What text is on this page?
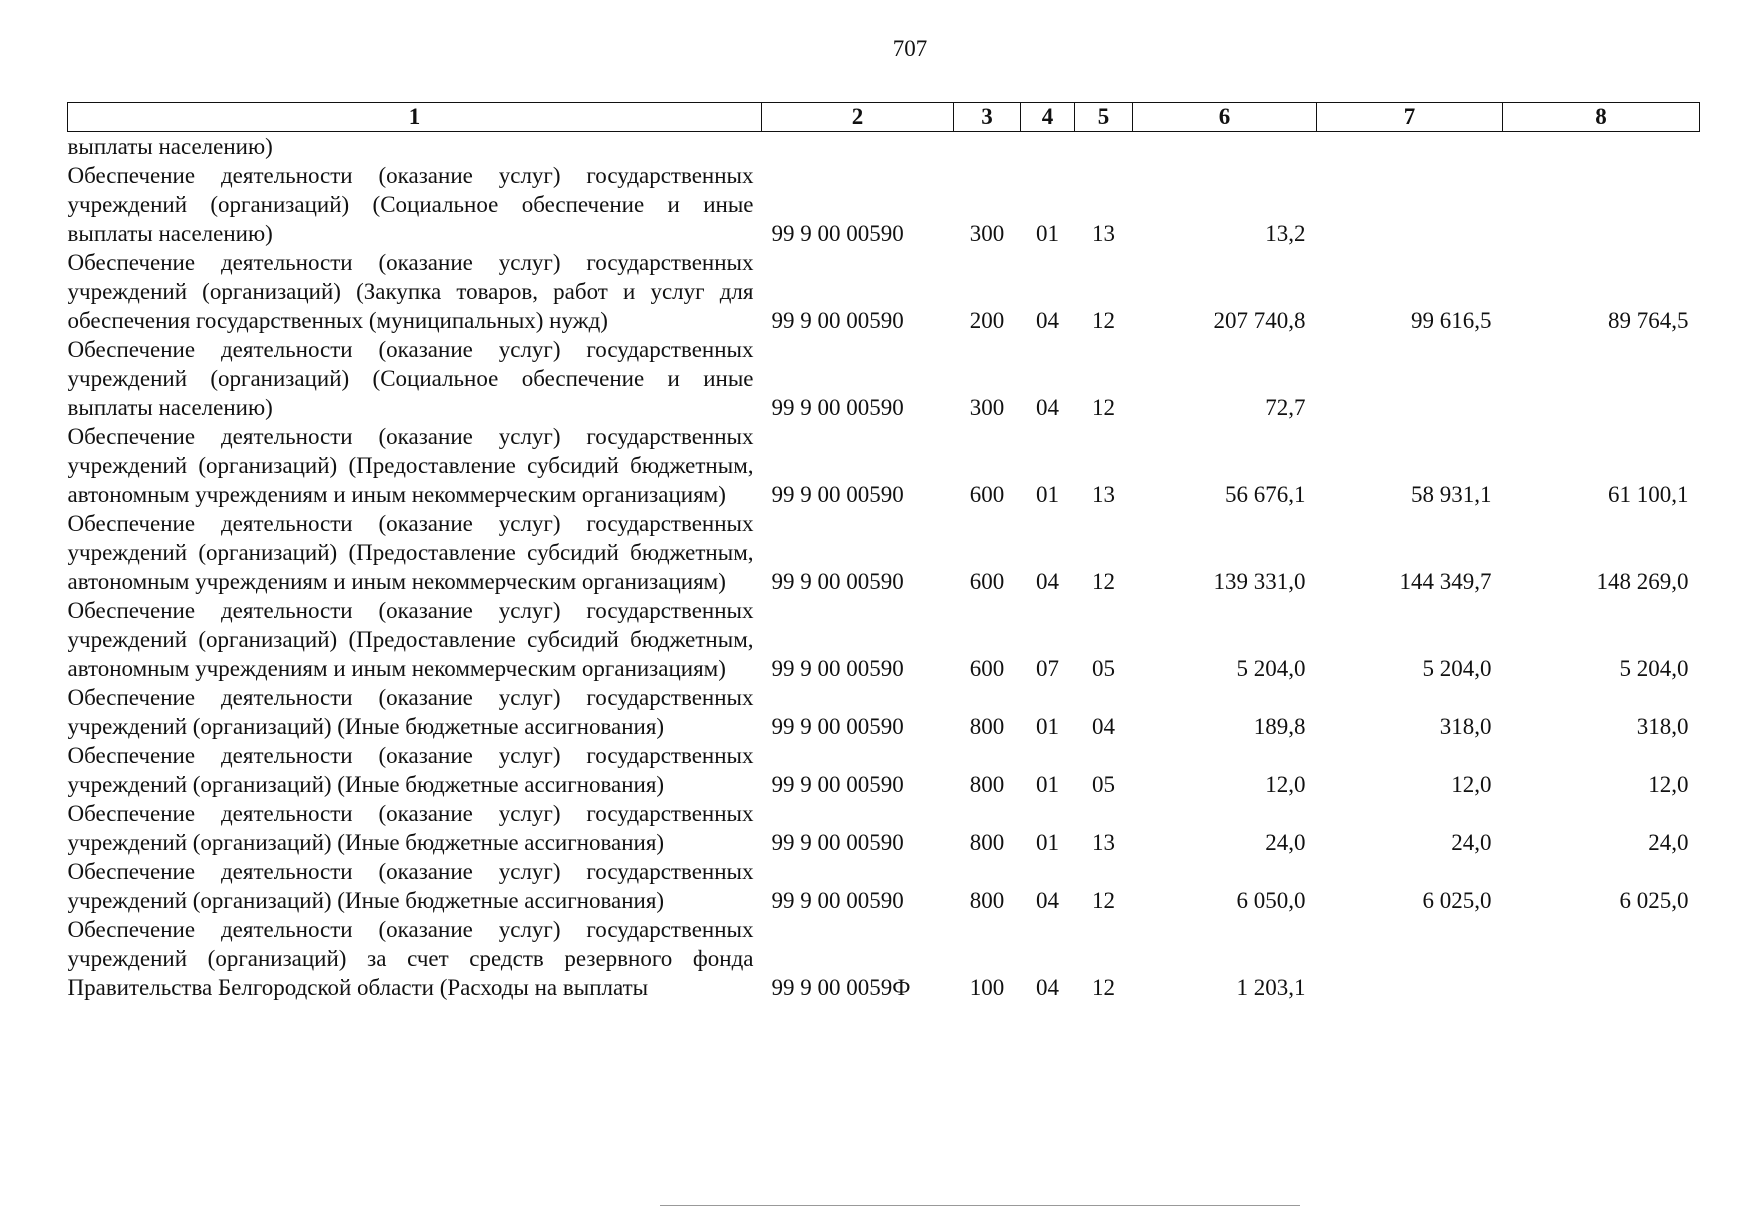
707
1	2	3	4	5	6	7	8
выплаты населению)							
Обеспечение деятельности (оказание услуг) государственных учреждений (организаций) (Социальное обеспечение и иные выплаты населению)	99 9 00 00590	300	01	13	13,2		
Обеспечение деятельности (оказание услуг) государственных учреждений (организаций) (Закупка товаров, работ и услуг для обеспечения государственных (муниципальных) нужд)	99 9 00 00590	200	04	12	207 740,8	99 616,5	89 764,5
Обеспечение деятельности (оказание услуг) государственных учреждений (организаций) (Социальное обеспечение и иные выплаты населению)	99 9 00 00590	300	04	12	72,7		
Обеспечение деятельности (оказание услуг) государственных учреждений (организаций) (Предоставление субсидий бюджетным, автономным учреждениям и иным некоммерческим организациям)	99 9 00 00590	600	01	13	56 676,1	58 931,1	61 100,1
Обеспечение деятельности (оказание услуг) государственных учреждений (организаций) (Предоставление субсидий бюджетным, автономным учреждениям и иным некоммерческим организациям)	99 9 00 00590	600	04	12	139 331,0	144 349,7	148 269,0
Обеспечение деятельности (оказание услуг) государственных учреждений (организаций) (Предоставление субсидий бюджетным, автономным учреждениям и иным некоммерческим организациям)	99 9 00 00590	600	07	05	5 204,0	5 204,0	5 204,0
Обеспечение деятельности (оказание услуг) государственных учреждений (организаций) (Иные бюджетные ассигнования)	99 9 00 00590	800	01	04	189,8	318,0	318,0
Обеспечение деятельности (оказание услуг) государственных учреждений (организаций) (Иные бюджетные ассигнования)	99 9 00 00590	800	01	05	12,0	12,0	12,0
Обеспечение деятельности (оказание услуг) государственных учреждений (организаций) (Иные бюджетные ассигнования)	99 9 00 00590	800	01	13	24,0	24,0	24,0
Обеспечение деятельности (оказание услуг) государственных учреждений (организаций) (Иные бюджетные ассигнования)	99 9 00 00590	800	04	12	6 050,0	6 025,0	6 025,0
Обеспечение деятельности (оказание услуг) государственных учреждений (организаций) за счет средств резервного фонда Правительства Белгородской области (Расходы на выплаты	99 9 00 0059Ф	100	04	12	1 203,1		
